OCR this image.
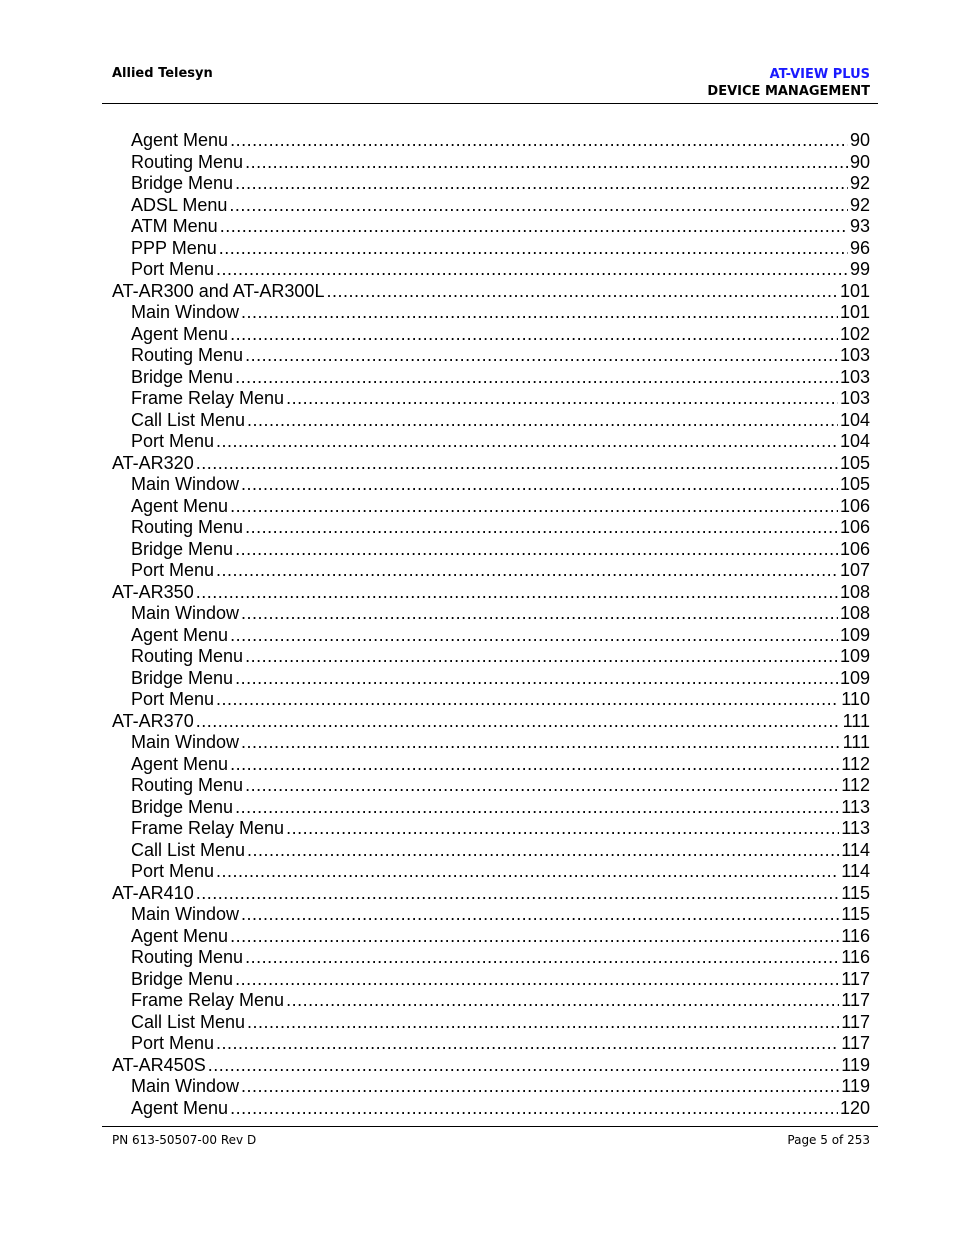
Allied Telesyn	AT-VIEW PLUS
DEVICE MANAGEMENT
Agent Menu .....	90
Routing Menu .....	90
Bridge Menu .....	92
ADSL Menu .....	92
ATM Menu .....	93
PPP Menu .....	96
Port Menu .....	99
AT-AR300 and AT-AR300L .....	101
Main Window .....	101
Agent Menu .....	102
Routing Menu .....	103
Bridge Menu .....	103
Frame Relay Menu .....	103
Call List Menu .....	104
Port Menu .....	104
AT-AR320 .....	105
Main Window .....	105
Agent Menu .....	106
Routing Menu .....	106
Bridge Menu .....	106
Port Menu .....	107
AT-AR350 .....	108
Main Window .....	108
Agent Menu .....	109
Routing Menu .....	109
Bridge Menu .....	109
Port Menu .....	110
AT-AR370 .....	111
Main Window .....	111
Agent Menu .....	112
Routing Menu .....	112
Bridge Menu .....	113
Frame Relay Menu .....	113
Call List Menu .....	114
Port Menu .....	114
AT-AR410 .....	115
Main Window .....	115
Agent Menu .....	116
Routing Menu .....	116
Bridge Menu .....	117
Frame Relay Menu .....	117
Call List Menu .....	117
Port Menu .....	117
AT-AR450S .....	119
Main Window .....	119
Agent Menu .....	120
PN 613-50507-00 Rev D	Page 5 of 253
